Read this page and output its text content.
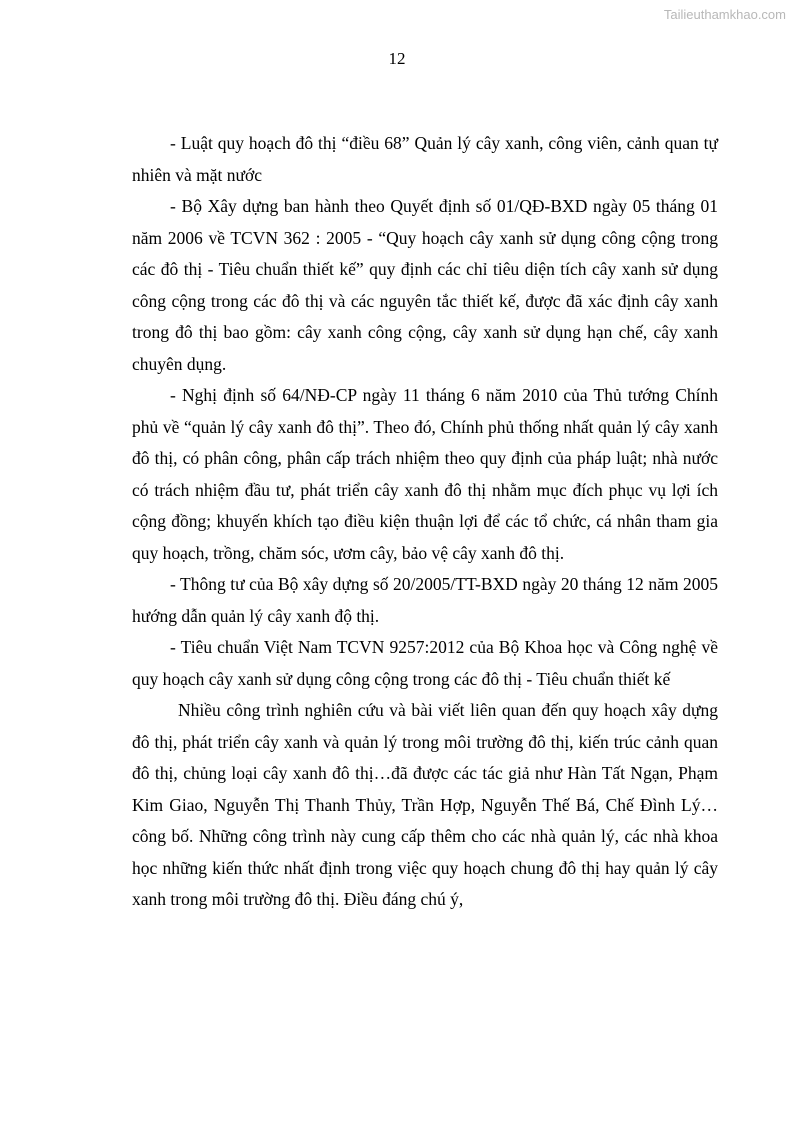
Tailieuthamkhao.com
12

- Luật quy hoạch đô thị “điều 68” Quản lý cây xanh, công viên, cảnh quan tự nhiên và mặt nước

- Bộ Xây dựng ban hành theo Quyết định số 01/QĐ-BXD ngày 05 tháng 01 năm 2006 về TCVN 362 : 2005 - “Quy hoạch cây xanh sử dụng công cộng trong các đô thị - Tiêu chuẩn thiết kế” quy định các chỉ tiêu diện tích cây xanh sử dụng công cộng trong các đô thị và các nguyên tắc thiết kế, được đã xác định cây xanh trong đô thị bao gồm: cây xanh công cộng, cây xanh sử dụng hạn chế, cây xanh chuyên dụng.

- Nghị định số 64/NĐ-CP ngày 11 tháng 6 năm 2010 của Thủ tướng Chính phủ về “quản lý cây xanh đô thị”. Theo đó, Chính phủ thống nhất quản lý cây xanh đô thị, có phân công, phân cấp trách nhiệm theo quy định của pháp luật; nhà nước có trách nhiệm đầu tư, phát triển cây xanh đô thị nhằm mục đích phục vụ lợi ích cộng đồng; khuyến khích tạo điều kiện thuận lợi để các tổ chức, cá nhân tham gia quy hoạch, trồng, chăm sóc, ươm cây, bảo vệ cây xanh đô thị.

- Thông tư của Bộ xây dựng số 20/2005/TT-BXD ngày 20 tháng 12 năm 2005 hướng dẫn quản lý cây xanh độ thị.

- Tiêu chuẩn Việt Nam TCVN 9257:2012 của Bộ Khoa học và Công nghệ về quy hoạch cây xanh sử dụng công cộng trong các đô thị - Tiêu chuẩn thiết kế

Nhiều công trình nghiên cứu và bài viết liên quan đến quy hoạch xây dựng đô thị, phát triển cây xanh và quản lý trong môi trường đô thị, kiến trúc cảnh quan đô thị, chủng loại cây xanh đô thị…đã được các tác giả như Hàn Tất Ngạn, Phạm Kim Giao, Nguyễn Thị Thanh Thủy, Trần Hợp, Nguyễn Thế Bá, Chế Đình Lý…công bố. Những công trình này cung cấp thêm cho các nhà quản lý, các nhà khoa học những kiến thức nhất định trong việc quy hoạch chung đô thị hay quản lý cây xanh trong môi trường đô thị. Điều đáng chú ý,
